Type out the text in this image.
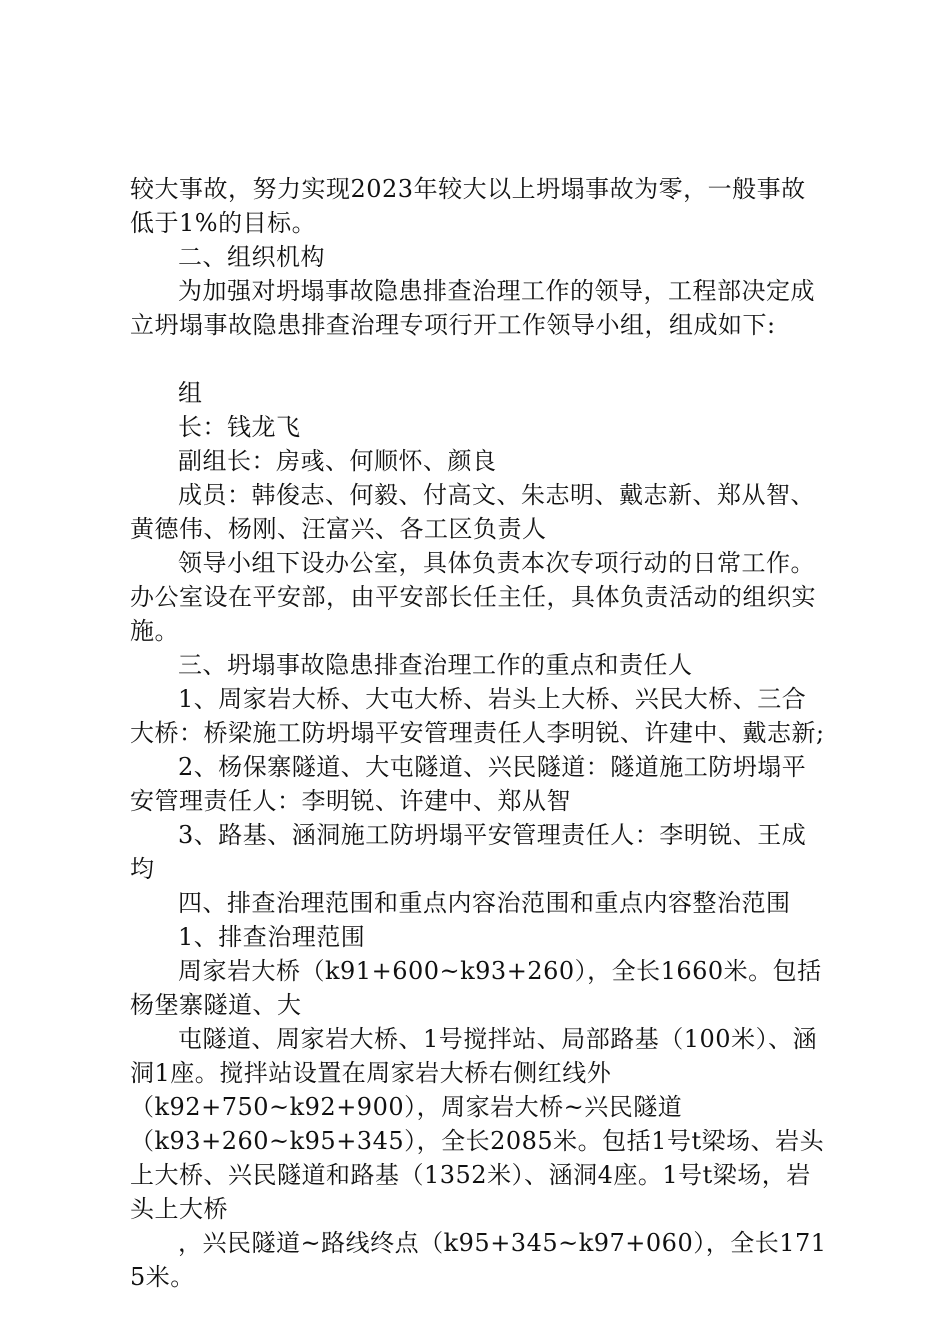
较大事故，努力实现2023年较大以上坍塌事故为零，一般事故低于1%的目标。

二、组织机构

为加强对坍塌事故隐患排查治理工作的领导，工程部决定成立坍塌事故隐患排查治理专项行开工作领导小组，组成如下:

组

长：钱龙飞

副组长：房彧、何顺怀、颜良

成员：韩俊志、何毅、付高文、朱志明、戴志新、郑从智、黄德伟、杨刚、汪富兴、各工区负责人

领导小组下设办公室，具体负责本次专项行动的日常工作。办公室设在平安部，由平安部长任主任，具体负责活动的组织实施。

三、坍塌事故隐患排查治理工作的重点和责任人

1、周家岩大桥、大屯大桥、岩头上大桥、兴民大桥、三合大桥：桥梁施工防坍塌平安管理责任人李明锐、许建中、戴志新;

2、杨保寨隧道、大屯隧道、兴民隧道：隧道施工防坍塌平安管理责任人：李明锐、许建中、郑从智

3、路基、涵洞施工防坍塌平安管理责任人：李明锐、王成均

四、排查治理范围和重点内容治范围和重点内容整治范围

1、排查治理范围

周家岩大桥（k91+600~k93+260），全长1660米。包括杨堡寨隧道、大

屯隧道、周家岩大桥、1号搅拌站、局部路基（100米）、涵洞1座。搅拌站设置在周家岩大桥右侧红线外

（k92+750~k92+900），周家岩大桥~兴民隧道

（k93+260~k95+345），全长2085米。包括1号t梁场、岩头上大桥、兴民隧道和路基（1352米）、涵洞4座。1号t梁场，岩头上大桥

，兴民隧道~路线终点（k95+345~k97+060），全长1715米。
